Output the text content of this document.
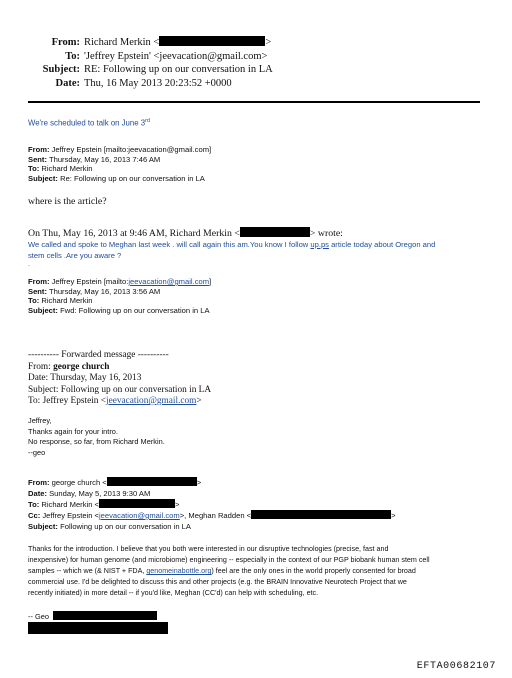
From: Richard Merkin <	>
To: 'Jeffrey Epstein' <jeevacation@gmail.com>
Subject: RE: Following up on our conversation in LA
Date: Thu, 16 May 2013 20:23:52 +0000
We're scheduled to talk on June 3rd
From: Jeffrey Epstein [mailto:jeevacation@gmail.com]
Sent: Thursday, May 16, 2013 7:46 AM
To: Richard Merkin
Subject: Re: Following up on our conversation in LA
where is the article?
On Thu, May 16, 2013 at 9:46 AM, Richard Merkin <	> wrote:
We called and spoke to Meghan last week . will call again this am.You know I follow up.ps article today about Oregon and
stem cells .Are you aware ?
.
From: Jeffrey Epstein [mailto:jeevacation@gmail.com]
Sent: Thursday, May 16, 2013 3:56 AM
To: Richard Merkin
Subject: Fwd: Following up on our conversation in LA
---------- Forwarded message ----------
From: george church
Date: Thursday, May 16, 2013
Subject: Following up on our conversation in LA
To: Jeffrey Epstein <jeevacation@gmail.com>
Jeffrey,
Thanks again for your intro.
No response, so far, from Richard Merkin.
--geo
From: george church <	>
Date: Sunday, May 5, 2013 9:30 AM
To: Richard Merkin <	>
Cc: Jeffrey Epstein <jeevacation@gmail.com>, Meghan Radden <	>
Subject: Following up on our conversation in LA
Thanks for the introduction. I believe that you both were interested in our disruptive technologies (precise, fast and
inexpensive) for human genome (and microbiome) engineering -- especially in the context of our PGP biobank human stem cell
samples -- which we (& NIST + FDA, genomeinabottle.org) feel are the only ones in the world properly consented for broad
commercial use. I'd be delighted to discuss this and other projects (e.g. the BRAIN Innovative Neurotech Project that we
recently initiated) in more detail -- if you'd like, Meghan (CC'd) can help with scheduling, etc.
-- Geo
EFTA00682107
